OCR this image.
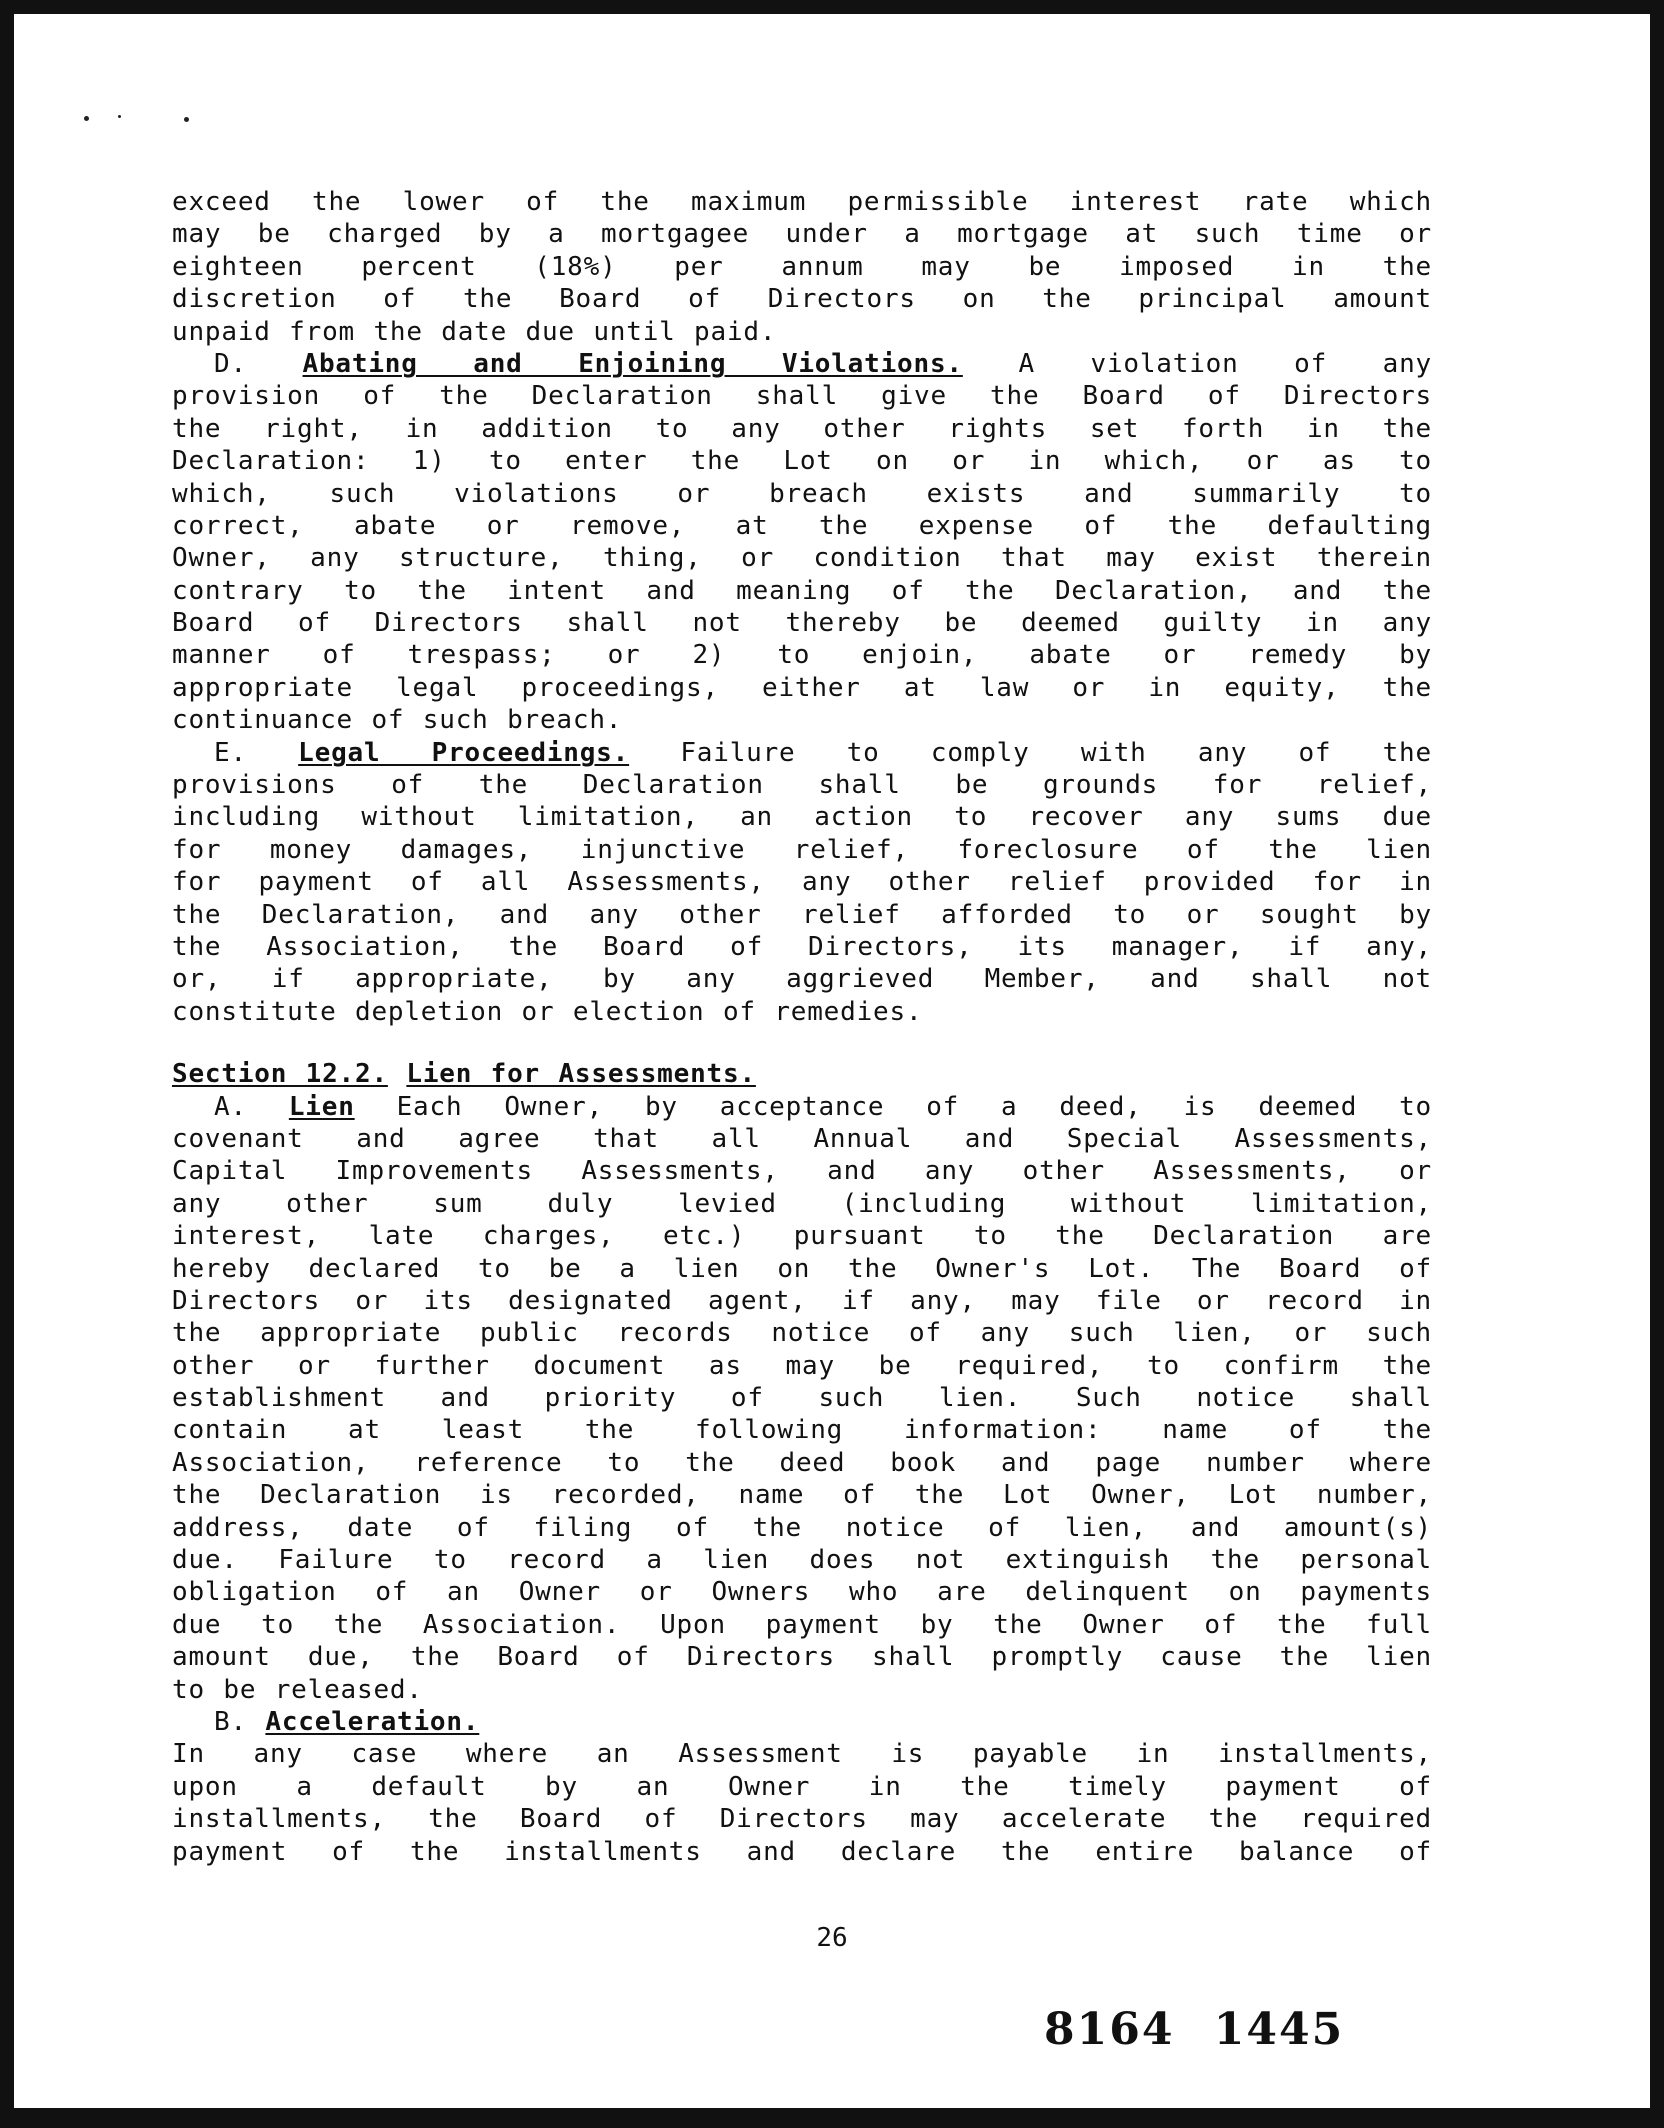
exceed the lower of the maximum permissible interest rate which
may be charged by a mortgagee under a mortgage at such time or
eighteen percent (18%) per annum may be imposed in the
discretion of the Board of Directors on the principal amount
unpaid from the date due until paid.
D. Abating and Enjoining Violations. A violation of any
provision of the Declaration shall give the Board of Directors
the right, in addition to any other rights set forth in the
Declaration: 1) to enter the Lot on or in which, or as to
which, such violations or breach exists and summarily to
correct, abate or remove, at the expense of the defaulting
Owner, any structure, thing, or condition that may exist therein
contrary to the intent and meaning of the Declaration, and the
Board of Directors shall not thereby be deemed guilty in any
manner of trespass; or 2) to enjoin, abate or remedy by
appropriate legal proceedings, either at law or in equity, the
continuance of such breach.
E. Legal Proceedings. Failure to comply with any of the
provisions of the Declaration shall be grounds for relief,
including without limitation, an action to recover any sums due
for money damages, injunctive relief, foreclosure of the lien
for payment of all Assessments, any other relief provided for in
the Declaration, and any other relief afforded to or sought by
the Association, the Board of Directors, its manager, if any,
or, if appropriate, by any aggrieved Member, and shall not
constitute depletion or election of remedies.
Section 12.2. Lien for Assessments.
A. Lien Each Owner, by acceptance of a deed, is deemed to
covenant and agree that all Annual and Special Assessments,
Capital Improvements Assessments, and any other Assessments, or
any other sum duly levied (including without limitation,
interest, late charges, etc.) pursuant to the Declaration are
hereby declared to be a lien on the Owner's Lot. The Board of
Directors or its designated agent, if any, may file or record in
the appropriate public records notice of any such lien, or such
other or further document as may be required, to confirm the
establishment and priority of such lien. Such notice shall
contain at least the following information: name of the
Association, reference to the deed book and page number where
the Declaration is recorded, name of the Lot Owner, Lot number,
address, date of filing of the notice of lien, and amount(s)
due. Failure to record a lien does not extinguish the personal
obligation of an Owner or Owners who are delinquent on payments
due to the Association. Upon payment by the Owner of the full
amount due, the Board of Directors shall promptly cause the lien
to be released.
B. Acceleration.
In any case where an Assessment is payable in installments,
upon a default by an Owner in the timely payment of
installments, the Board of Directors may accelerate the required
payment of the installments and declare the entire balance of
26
8164 1445
